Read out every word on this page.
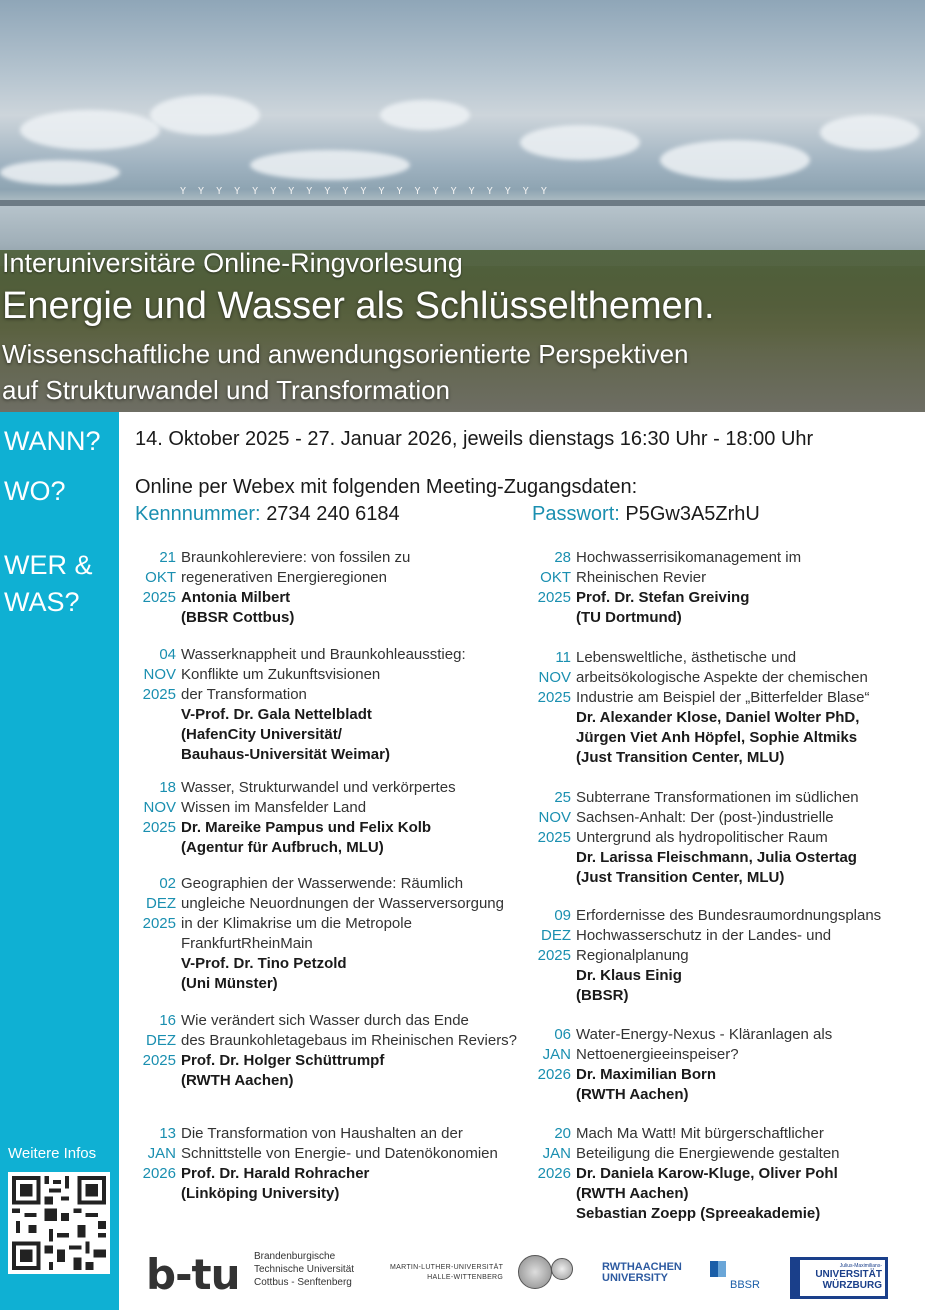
Y Y Y Y Y Y Y Y Y Y Y Y Y Y Y Y Y Y Y Y Y

Interuniversitäre Online-Ringvorlesung

Energie und Wasser als Schlüsselthemen.
Wissenschaftliche und anwendungsorientierte Perspektiven
auf Strukturwandel und Transformation

WANN?

WO?

WER &

WAS?

Weitere Infos
14. Oktober 2025 - 27. Januar 2026, jeweils dienstags 16:30 Uhr - 18:00 Uhr
Online per Webex mit folgenden Meeting-Zugangsdaten:
Kennnummer: 2734 240 6184	Passwort: P5Gw3A5ZrhU
21
OKT
2025
Braunkohlereviere: von fossilen zu
regenerativen Energieregionen
Antonia Milbert
(BBSR Cottbus)
28
OKT
2025
Hochwasserrisikomanagement im
Rheinischen Revier
Prof. Dr. Stefan Greiving
(TU Dortmund)
04
NOV
2025
Wasserknappheit und Braunkohleausstieg:
Konflikte um Zukunftsvisionen
der Transformation
V-Prof. Dr. Gala Nettelbladt
(HafenCity Universität/
Bauhaus-Universität Weimar)
11
NOV
2025
Lebensweltliche, ästhetische und
arbeitsökologische Aspekte der chemischen
Industrie am Beispiel der „Bitterfelder Blase“
Dr. Alexander Klose, Daniel Wolter PhD,
Jürgen Viet Anh Höpfel, Sophie Altmiks
(Just Transition Center, MLU)
18
NOV
2025
Wasser, Strukturwandel und verkörpertes
Wissen im Mansfelder Land
Dr. Mareike Pampus und Felix Kolb
(Agentur für Aufbruch, MLU)
25
NOV
2025
Subterrane Transformationen im südlichen
Sachsen-Anhalt: Der (post-)industrielle
Untergrund als hydropolitischer Raum
Dr. Larissa Fleischmann, Julia Ostertag
(Just Transition Center, MLU)
02
DEZ
2025
Geographien der Wasserwende: Räumlich
ungleiche Neuordnungen der Wasserversorgung
in der Klimakrise um die Metropole
FrankfurtRheinMain
V-Prof. Dr. Tino Petzold
(Uni Münster)
09
DEZ
2025
Erfordernisse des Bundesraumordnungsplans
Hochwasserschutz in der Landes- und
Regionalplanung
Dr. Klaus Einig
(BBSR)
16
DEZ
2025
Wie verändert sich Wasser durch das Ende
des Braunkohletagebaus im Rheinischen Reviers?
Prof. Dr. Holger Schüttrumpf
(RWTH Aachen)
06
JAN
2026
Water-Energy-Nexus - Kläranlagen als
Nettoenergieeinspeiser?
Dr. Maximilian Born
(RWTH Aachen)
13
JAN
2026
Die Transformation von Haushalten an der
Schnittstelle von Energie- und Datenökonomien
Prof. Dr. Harald Rohracher
(Linköping University)
20
JAN
2026
Mach Ma Watt! Mit bürgerschaftlicher
Beteiligung die Energiewende gestalten
Dr. Daniela Karow-Kluge, Oliver Pohl
(RWTH Aachen)
Sebastian Zoepp (Spreeakademie)
b-tu Brandenburgische
Technische Universität
Cottbus - Senftenberg
MARTIN-LUTHER-UNIVERSITÄT
HALLE-WITTENBERG
RWTHAACHEN
UNIVERSITY
BBSR
Julius-Maximilians-
UNIVERSITÄT
WÜRZBURG
